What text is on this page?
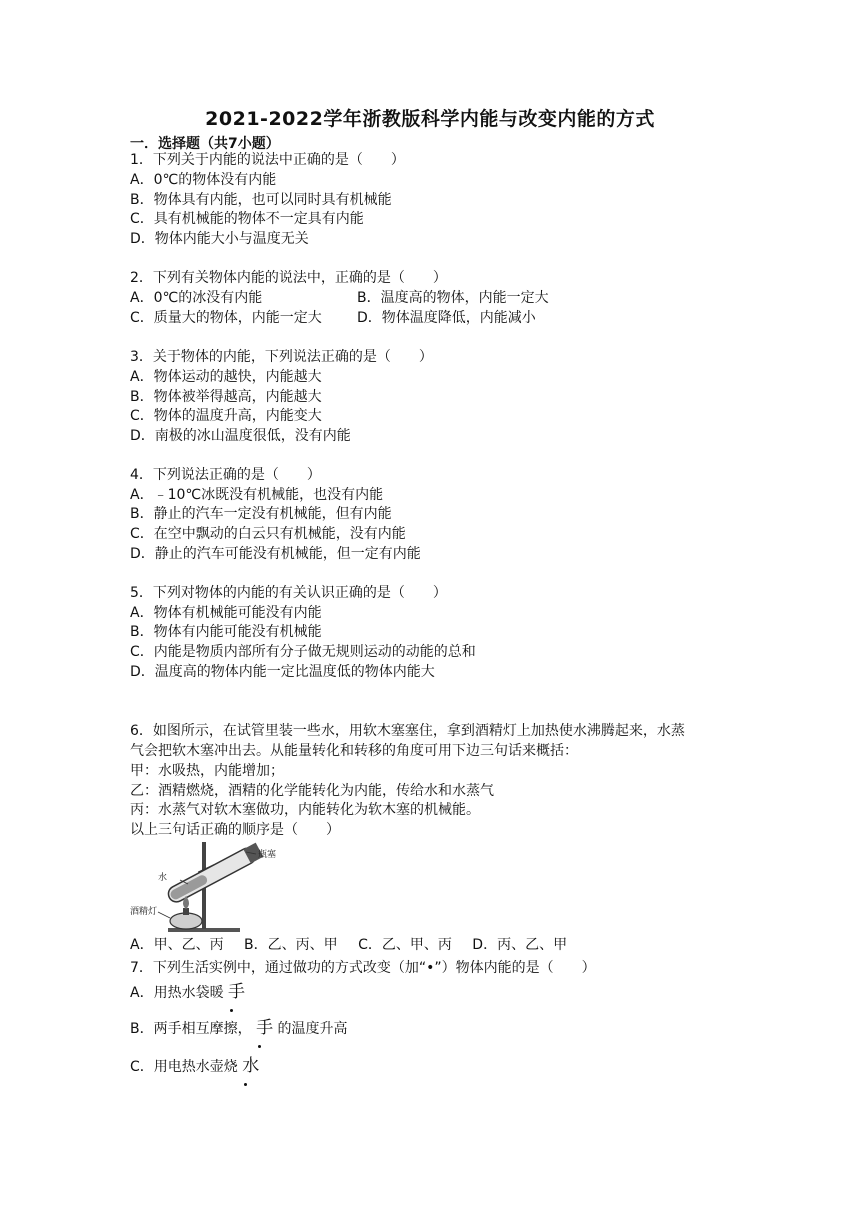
2021-2022学年浙教版科学内能与改变内能的方式
一．选择题（共7小题）
1．下列关于内能的说法中正确的是（　　）
A．0℃的物体没有内能
B．物体具有内能，也可以同时具有机械能
C．具有机械能的物体不一定具有内能
D．物体内能大小与温度无关
2．下列有关物体内能的说法中，正确的是（　　）
A．0℃的冰没有内能	B．温度高的物体，内能一定大
C．质量大的物体，内能一定大	D．物体温度降低，内能减小
3．关于物体的内能，下列说法正确的是（　　）
A．物体运动的越快，内能越大
B．物体被举得越高，内能越大
C．物体的温度升高，内能变大
D．南极的冰山温度很低，没有内能
4．下列说法正确的是（　　）
A．﹣10℃冰既没有机械能，也没有内能
B．静止的汽车一定没有机械能，但有内能
C．在空中飘动的白云只有机械能，没有内能
D．静止的汽车可能没有机械能，但一定有内能
5．下列对物体的内能的有关认识正确的是（　　）
A．物体有机械能可能没有内能
B．物体有内能可能没有机械能
C．内能是物质内部所有分子做无规则运动的动能的总和
D．温度高的物体内能一定比温度低的物体内能大
6．如图所示，在试管里装一些水，用软木塞塞住，拿到酒精灯上加热使水沸腾起来，水蒸
气会把软木塞冲出去。从能量转化和转移的角度可用下边三句话来概括：
甲：水吸热，内能增加；
乙：酒精燃烧，酒精的化学能转化为内能，传给水和水蒸气
丙：水蒸气对软木塞做功，内能转化为软木塞的机械能。
以上三句话正确的顺序是（　　）
瓶塞
水
酒精灯
A．甲、乙、丙　 B．乙、丙、甲　 C．乙、甲、丙　 D．丙、乙、甲
7．下列生活实例中，通过做功的方式改变（加“•”）物体内能的是（　　）
A．用热水袋暖 手
B．两手相互摩擦， 手 的温度升高
C．用电热水壶烧 水
